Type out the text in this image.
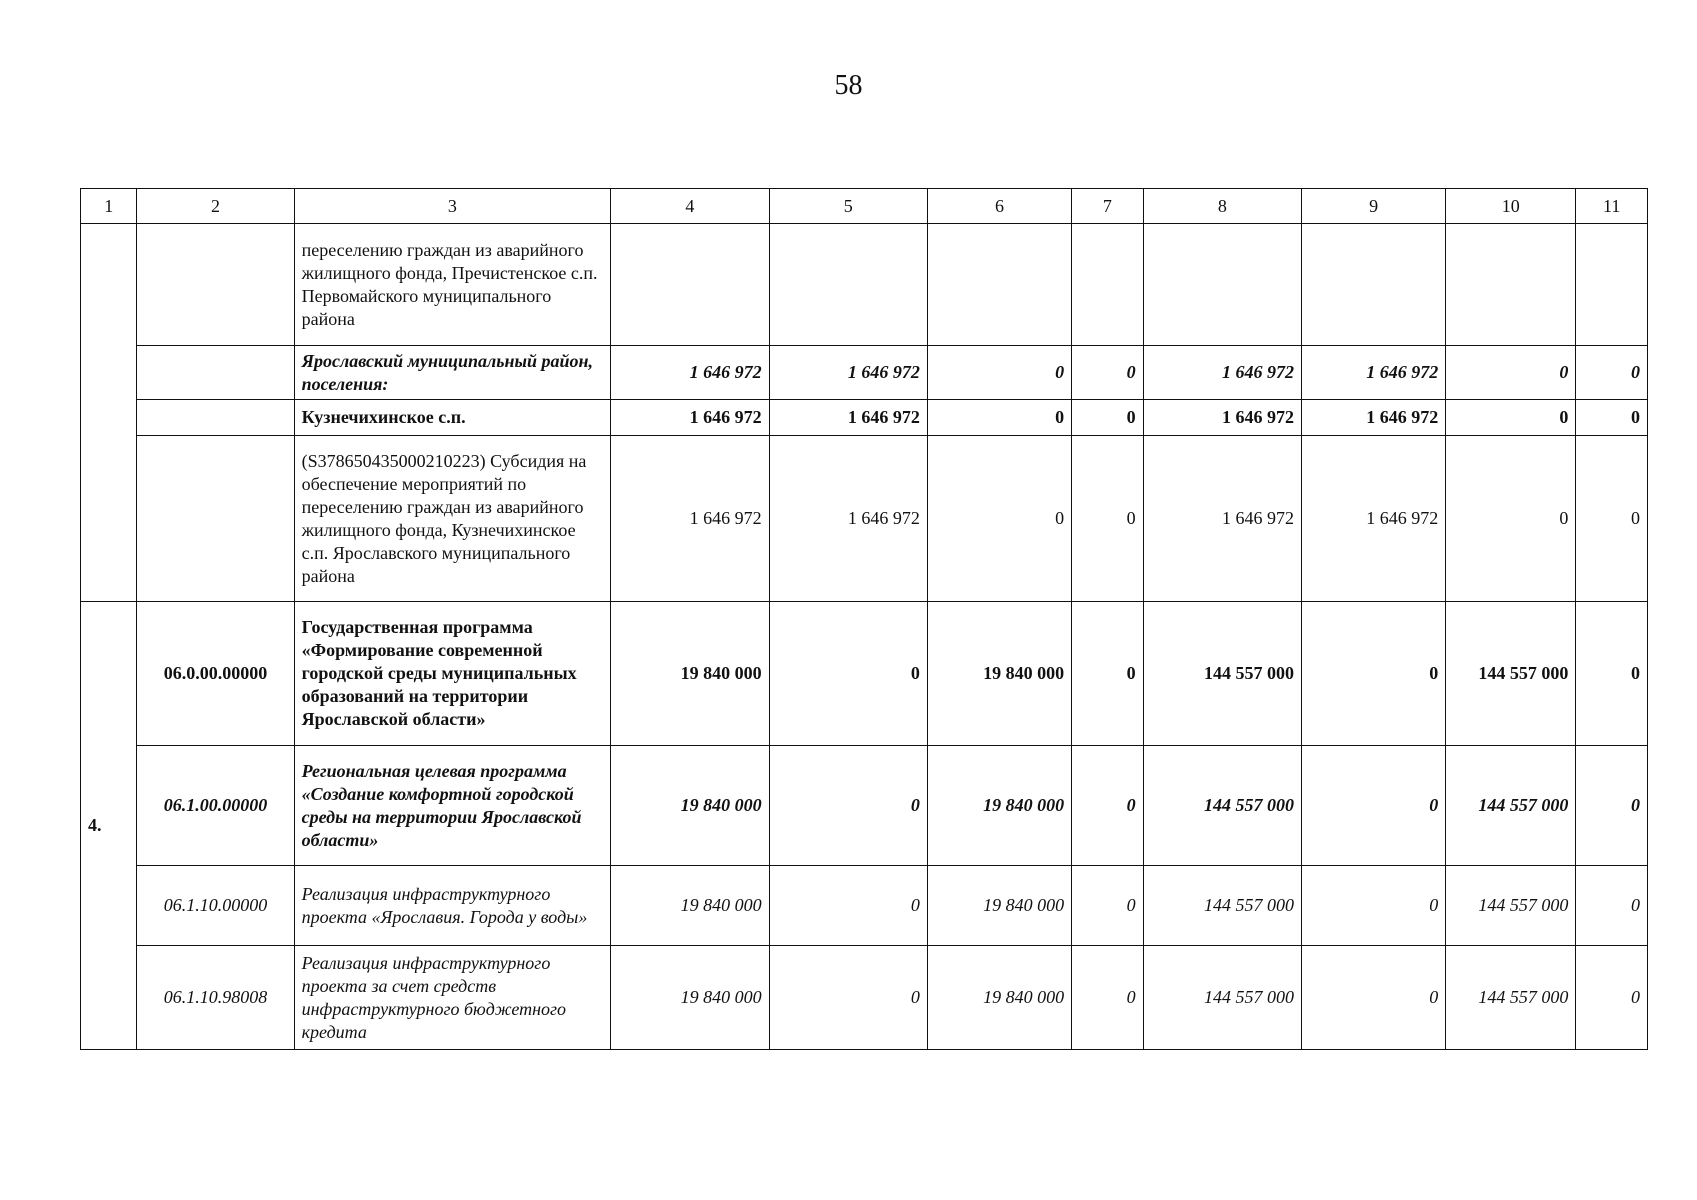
58
1	2	3	4	5	6	7	8	9	10	11
		переселению граждан из аварийного жилищного фонда, Пречистенское с.п. Первомайского муниципального района								
		Ярославский муниципальный район, поселения:	1 646 972	1 646 972	0	0	1 646 972	1 646 972	0	0
		Кузнечихинское с.п.	1 646 972	1 646 972	0	0	1 646 972	1 646 972	0	0
		(S378650435000210223) Субсидия на обеспечение мероприятий по переселению граждан из аварийного жилищного фонда, Кузнечихинское с.п. Ярославского муниципального района	1 646 972	1 646 972	0	0	1 646 972	1 646 972	0	0
4.	06.0.00.00000	Государственная программа «Формирование современной городской среды муниципальных образований на территории Ярославской области»	19 840 000	0	19 840 000	0	144 557 000	0	144 557 000	0
	06.1.00.00000	Региональная целевая программа «Создание комфортной городской среды на территории Ярославской области»	19 840 000	0	19 840 000	0	144 557 000	0	144 557 000	0
	06.1.10.00000	Реализация инфраструктурного проекта «Ярославия. Города у воды»	19 840 000	0	19 840 000	0	144 557 000	0	144 557 000	0
	06.1.10.98008	Реализация инфраструктурного проекта за счет средств инфраструктурного бюджетного кредита	19 840 000	0	19 840 000	0	144 557 000	0	144 557 000	0
